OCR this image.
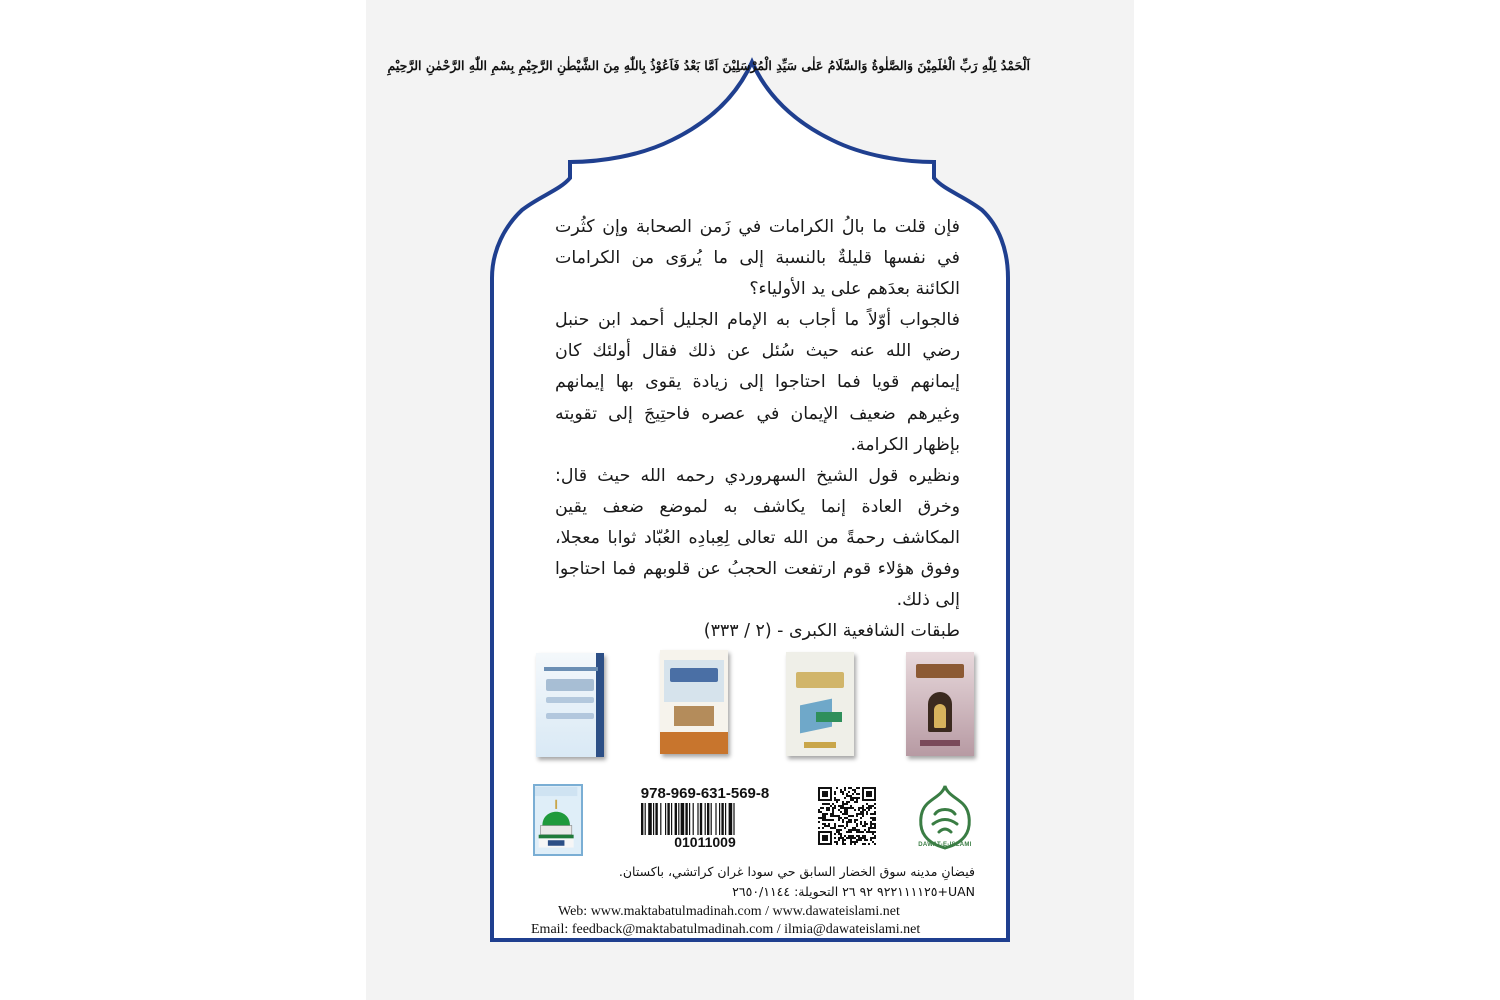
اَلْحَمْدُ لِلّٰهِ رَبِّ الْعٰلَمِيْنَ وَالصَّلٰوةُ وَالسَّلَامُ عَلٰى سَيِّدِ الْمُرْسَلِيْنَ اَمَّا بَعْدُ فَاَعُوْذُ بِاللّٰهِ مِنَ الشَّيْطٰنِ الرَّجِيْمِ بِسْمِ اللّٰهِ الرَّحْمٰنِ الرَّحِيْمِ

فإن قلت ما بالُ الكرامات في زَمن الصحابة وإن كثُرت في نفسها قليلةٌ بالنسبة إلى ما يُروَى من الكرامات الكائنة بعدَهم على يد الأولياء؟

فالجواب أوّلاً ما أجاب به الإمام الجليل أحمد ابن حنبل رضي الله عنه حيث سُئل عن ذلك فقال أولئك كان إيمانهم قويا فما احتاجوا إلى زيادة يقوى بها إيمانهم وغيرهم ضعيف الإيمان في عصره فاحتِيجَ إلى تقويته بإظهار الكرامة.

ونظيره قول الشيخ السهروردي رحمه الله حيث قال: وخرق العادة إنما يكاشف به لموضع ضعف يقين المكاشف رحمةً من الله تعالى لِعِبادِه العُبّاد ثوابا معجلا، وفوق هؤلاء قوم ارتفعت الحجبُ عن قلوبهم فما احتاجوا إلى ذلك.

طبقات الشافعية الكبرى - (٢ / ٣٣٣)

978-969-631-569-8
01011009	DAWAT-E-ISLAMI
فيضانِ مدينه سوق الخضار السابق حي سودا غران كراتشي، باكستان.
UAN+٩٢٢١١١١٢٥ ٩٢ ٢٦ التحويلة: ٢٦٥٠/١١٤٤
Web: www.maktabatulmadinah.com / www.dawateislami.net
Email: feedback@maktabatulmadinah.com / ilmia@dawateislami.net
